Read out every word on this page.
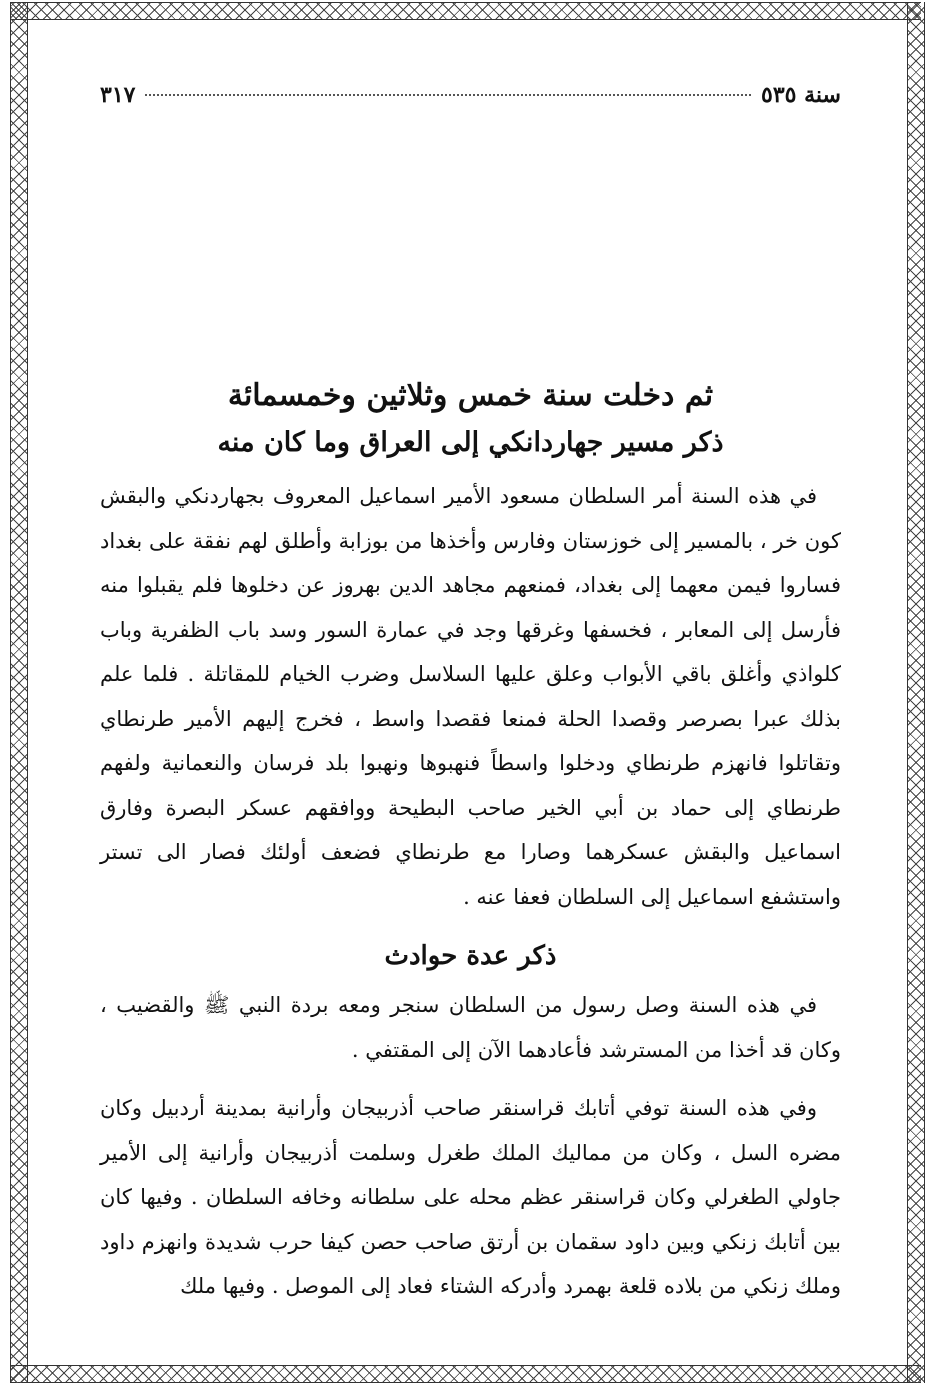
سنة ٥٣٥
٣١٧
ثم دخلت سنة خمس وثلاثين وخمسمائة
ذكر مسير جهاردانكي إلى العراق وما كان منه

في هذه السنة أمر السلطان مسعود الأمير اسماعيل المعروف بجهاردنكي والبقش كون خر ، بالمسير إلى خوزستان وفارس وأخذها من بوزابة وأطلق لهم نفقة على بغداد فساروا فيمن معهما إلى بغداد، فمنعهم مجاهد الدين بهروز عن دخلوها فلم يقبلوا منه فأرسل إلى المعابر ، فخسفها وغرقها وجد في عمارة السور وسد باب الظفرية وباب كلواذي وأغلق باقي الأبواب وعلق عليها السلاسل وضرب الخيام للمقاتلة . فلما علم بذلك عبرا بصرصر وقصدا الحلة فمنعا فقصدا واسط ، فخرج إليهم الأمير طرنطاي وتقاتلوا فانهزم طرنطاي ودخلوا واسطاً فنهبوها ونهبوا بلد فرسان والنعمانية ولفهم طرنطاي إلى حماد بن أبي الخير صاحب البطيحة ووافقهم عسكر البصرة وفارق اسماعيل والبقش عسكرهما وصارا مع طرنطاي فضعف أولئك فصار الى تستر واستشفع اسماعيل إلى السلطان فعفا عنه .

ذكر عدة حوادث

في هذه السنة وصل رسول من السلطان سنجر ومعه بردة النبي ﷺ والقضيب ، وكان قد أخذا من المسترشد فأعادهما الآن إلى المقتفي .

وفي هذه السنة توفي أتابك قراسنقر صاحب أذربيجان وأرانية بمدينة أردبيل وكان مضره السل ، وكان من مماليك الملك طغرل وسلمت أذربيجان وأرانية إلى الأمير جاولي الطغرلي وكان قراسنقر عظم محله على سلطانه وخافه السلطان . وفيها كان بين أتابك زنكي وبين داود سقمان بن أرتق صاحب حصن كيفا حرب شديدة وانهزم داود وملك زنكي من بلاده قلعة بهمرد وأدركه الشتاء فعاد إلى الموصل . وفيها ملك
